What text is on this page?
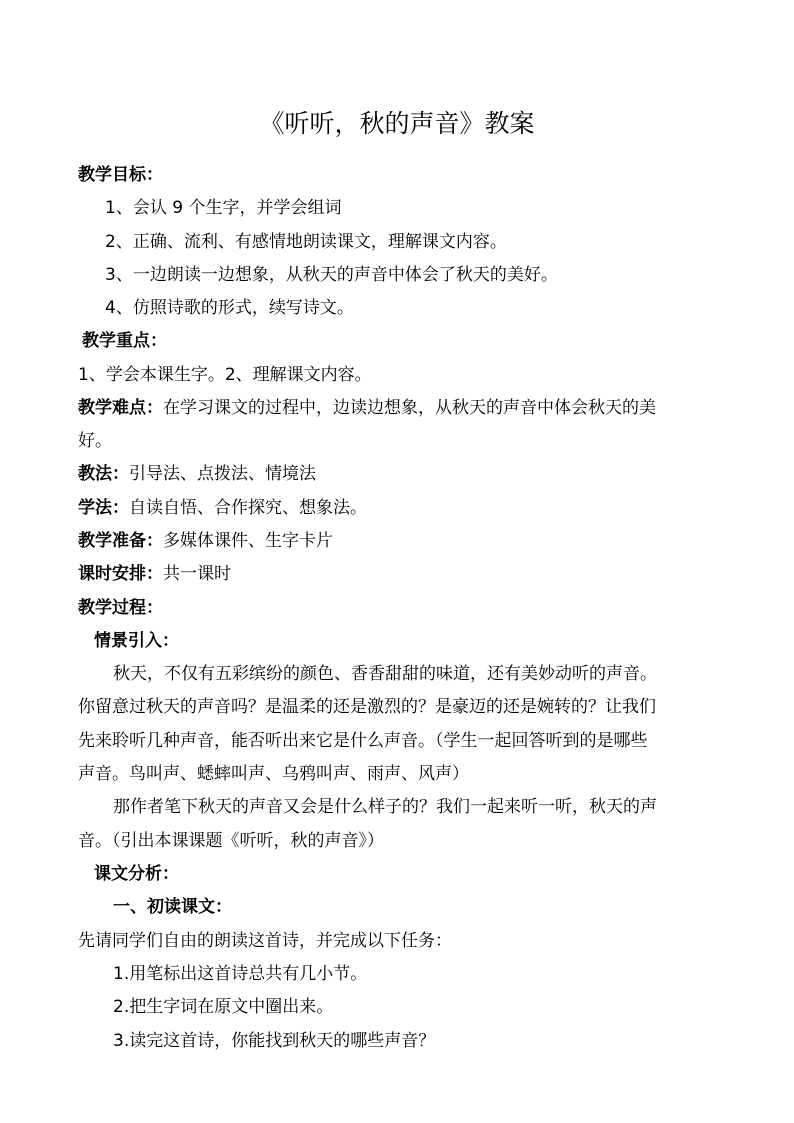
《听听，秋的声音》教案

教学目标：

1、会认 9 个生字，并学会组词

2、正确、流利、有感情地朗读课文，理解课文内容。

3、一边朗读一边想象，从秋天的声音中体会了秋天的美好。

4、仿照诗歌的形式，续写诗文。

教学重点：

1、学会本课生字。2、理解课文内容。

教学难点：在学习课文的过程中，边读边想象，从秋天的声音中体会秋天的美

好。

教法：引导法、点拨法、情境法

学法：自读自悟、合作探究、想象法。

教学准备：多媒体课件、生字卡片

课时安排：共一课时

教学过程：

情景引入：

秋天，不仅有五彩缤纷的颜色、香香甜甜的味道，还有美妙动听的声音。

你留意过秋天的声音吗？是温柔的还是激烈的？是豪迈的还是婉转的？让我们

先来聆听几种声音，能否听出来它是什么声音。（学生一起回答听到的是哪些

声音。鸟叫声、蟋蟀叫声、乌鸦叫声、雨声、风声）

那作者笔下秋天的声音又会是什么样子的？我们一起来听一听，秋天的声

音。（引出本课课题《听听，秋的声音》）

课文分析：

一、初读课文：

先请同学们自由的朗读这首诗，并完成以下任务：

1.用笔标出这首诗总共有几小节。

2.把生字词在原文中圈出来。

3.读完这首诗，你能找到秋天的哪些声音？
